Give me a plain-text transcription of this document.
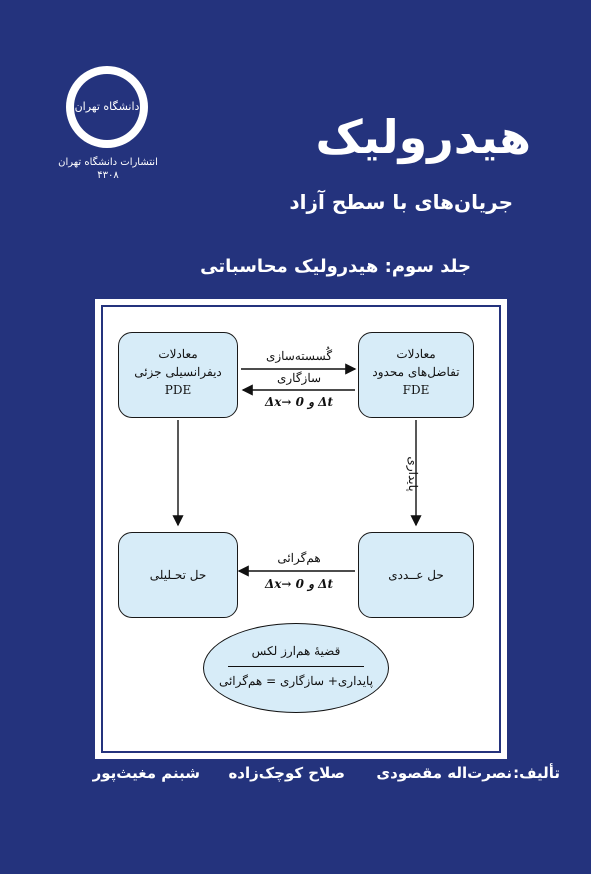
دانشگاه تهران
انتشارات دانشگاه تهران
۴۳۰۸
هیدرولیک
جریان‌های با سطح آزاد
جلد سوم: هیدرولیک محاسباتی
معادلات
دیفرانسیلی جزئی
PDE
معادلات
تفاضل‌های محدود
FDE
گُسسته‌سازی
سازگاری
Δt و Δx→ 0
پایداری
حل تحـلیلی	حل عــددی
هم‌گرائی
Δt و Δx→ 0
قضیۀ هم‌ارز لکس
پایداری+ سازگاری = هم‌گرائی
تألیف:
نصرت‌اله مقصودی
صلاح کوچک‌زاده
شبنم مغیث‌پور
